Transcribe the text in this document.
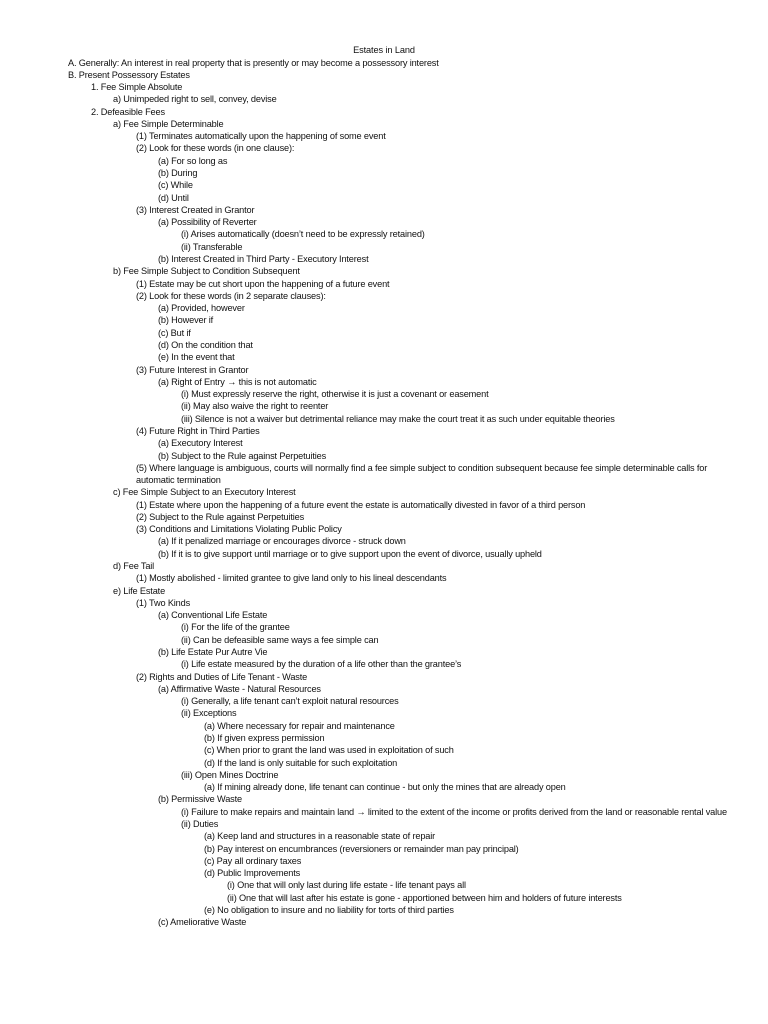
Estates in Land
A. Generally: An interest in real property that is presently or may become a possessory interest
B. Present Possessory Estates
1. Fee Simple Absolute
a) Unimpeded right to sell, convey, devise
2. Defeasible Fees
a) Fee Simple Determinable
(1) Terminates automatically upon the happening of some event
(2) Look for these words (in one clause):
(a) For so long as
(b) During
(c) While
(d) Until
(3) Interest Created in Grantor
(a) Possibility of Reverter
(i) Arises automatically (doesn’t need to be expressly retained)
(ii) Transferable
(b) Interest Created in Third Party - Executory Interest
b) Fee Simple Subject to Condition Subsequent
(1) Estate may be cut short upon the happening of a future event
(2) Look for these words (in 2 separate clauses):
(a) Provided, however
(b) However if
(c) But if
(d) On the condition that
(e) In the event that
(3) Future Interest in Grantor
(a) Right of Entry → this is not automatic
(i) Must expressly reserve the right, otherwise it is just a covenant or easement
(ii) May also waive the right to reenter
(iii) Silence is not a waiver but detrimental reliance may make the court treat it as such under equitable theories
(4) Future Right in Third Parties
(a) Executory Interest
(b) Subject to the Rule against Perpetuities
(5) Where language is ambiguous, courts will normally find a fee simple subject to condition subsequent because fee simple determinable calls for automatic termination
c) Fee Simple Subject to an Executory Interest
(1) Estate where upon the happening of a future event the estate is automatically divested in favor of a third person
(2) Subject to the Rule against Perpetuities
(3) Conditions and Limitations Violating Public Policy
(a) If it penalized marriage or encourages divorce - struck down
(b) If it is to give support until marriage or to give support upon the event of divorce, usually upheld
d) Fee Tail
(1) Mostly abolished - limited grantee to give land only to his lineal descendants
e) Life Estate
(1) Two Kinds
(a) Conventional Life Estate
(i) For the life of the grantee
(ii) Can be defeasible same ways a fee simple can
(b) Life Estate Pur Autre Vie
(i) Life estate measured by the duration of a life other than the grantee’s
(2) Rights and Duties of Life Tenant - Waste
(a) Affirmative Waste - Natural Resources
(i) Generally, a life tenant can’t exploit natural resources
(ii) Exceptions
(a) Where necessary for repair and maintenance
(b) If given express permission
(c) When prior to grant the land was used in exploitation of such
(d) If the land is only suitable for such exploitation
(iii) Open Mines Doctrine
(a) If mining already done, life tenant can continue - but only the mines that are already open
(b) Permissive Waste
(i) Failure to make repairs and maintain land → limited to the extent of the income or profits derived from the land or reasonable rental value
(ii) Duties
(a) Keep land and structures in a reasonable state of repair
(b) Pay interest on encumbrances (reversioners or remainder man pay principal)
(c) Pay all ordinary taxes
(d) Public Improvements
(i) One that will only last during life estate - life tenant pays all
(ii) One that will last after his estate is gone - apportioned between him and holders of future interests
(e) No obligation to insure and no liability for torts of third parties
(c) Ameliorative Waste
